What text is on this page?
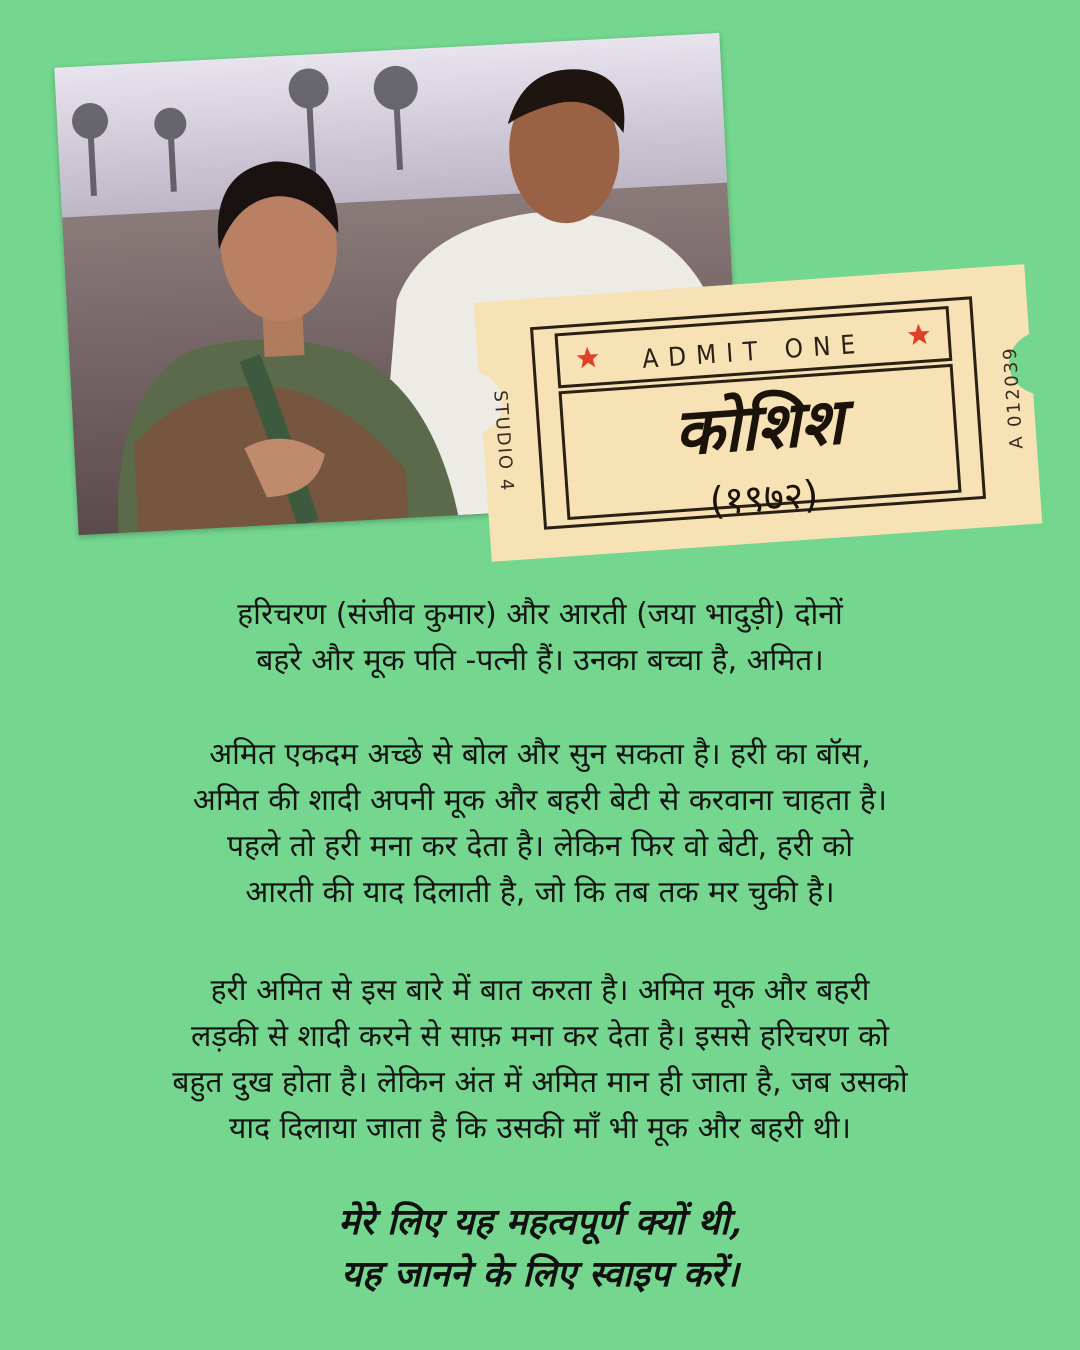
ADMIT ONE
कोशिश
(१९७२)
STUDIO 4	A 012039
हरिचरण (संजीव कुमार) और आरती (जया भादुड़ी) दोनों
बहरे और मूक पति -पत्नी हैं। उनका बच्चा है, अमित।
अमित एकदम अच्छे से बोल और सुन सकता है। हरी का बॉस,
अमित की शादी अपनी मूक और बहरी बेटी से करवाना चाहता है।
पहले तो हरी मना कर देता है। लेकिन फिर वो बेटी, हरी को
आरती की याद दिलाती है, जो कि तब तक मर चुकी है।
हरी अमित से इस बारे में बात करता है। अमित मूक और बहरी
लड़की से शादी करने से साफ़ मना कर देता है। इससे हरिचरण को
बहुत दुख होता है। लेकिन अंत में अमित मान ही जाता है, जब उसको
याद दिलाया जाता है कि उसकी माँ भी मूक और बहरी थी।
मेरे लिए यह महत्वपूर्ण क्यों थी,
यह जानने के लिए स्वाइप करें।
